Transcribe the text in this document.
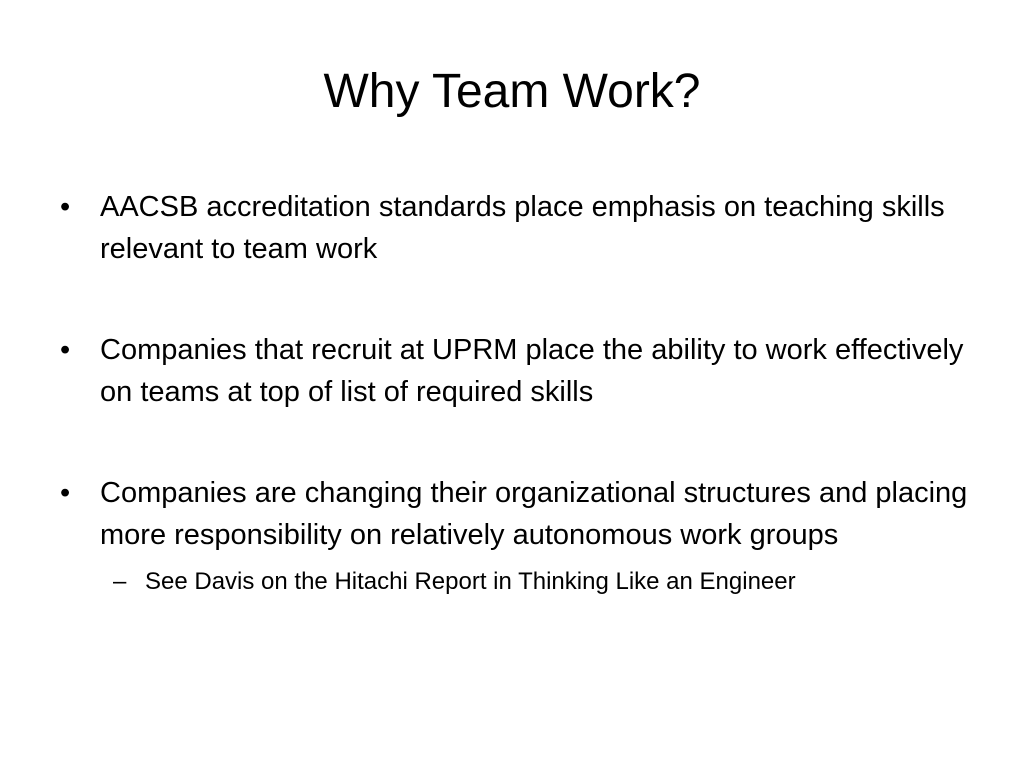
Why Team Work?
•	AACSB accreditation standards place emphasis on teaching skills relevant to team work
•	Companies that recruit at UPRM place the ability to work effectively on teams at top of list of required skills
•	Companies are changing their organizational structures and placing more responsibility on relatively autonomous work groups
– See Davis on the Hitachi Report in Thinking Like an Engineer
